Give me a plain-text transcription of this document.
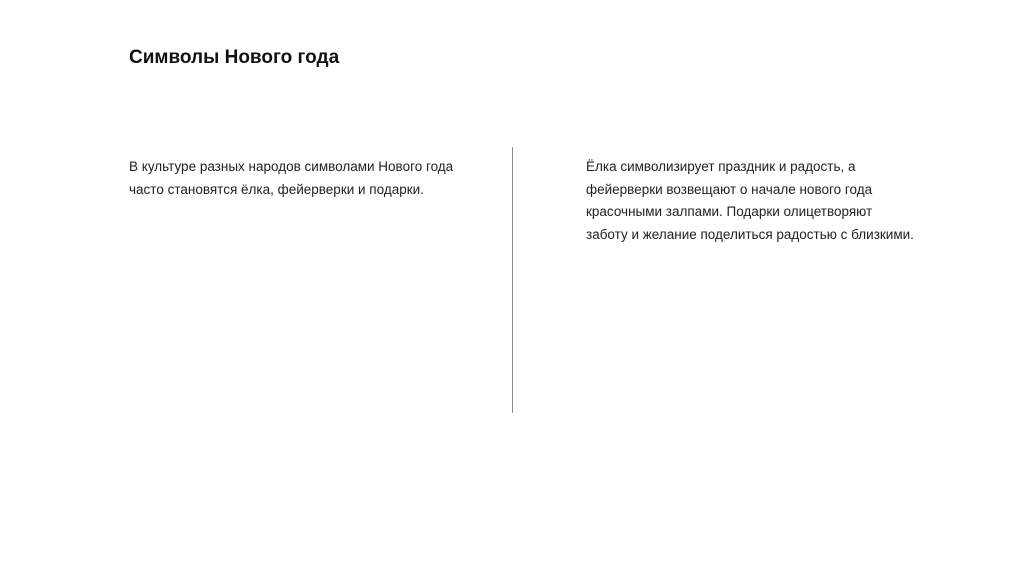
Символы Нового года

В культуре разных народов символами Нового года
часто становятся ёлка, фейерверки и подарки.

Ёлка символизирует праздник и радость, а
фейерверки возвещают о начале нового года
красочными залпами. Подарки олицетворяют
заботу и желание поделиться радостью с близкими.
